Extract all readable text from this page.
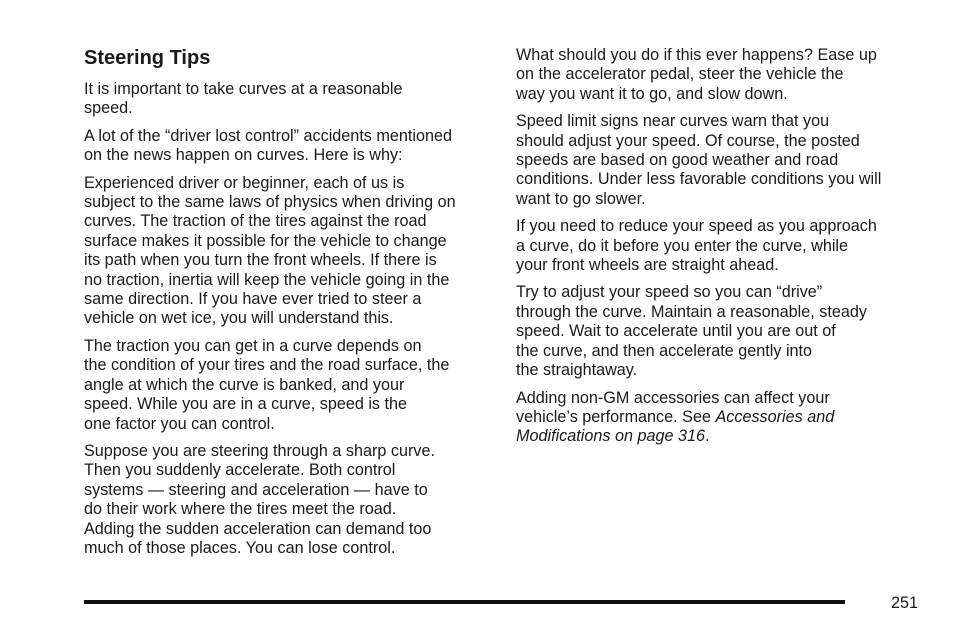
Steering Tips

It is important to take curves at a reasonable
speed.

A lot of the “driver lost control” accidents mentioned
on the news happen on curves. Here is why:

Experienced driver or beginner, each of us is
subject to the same laws of physics when driving on
curves. The traction of the tires against the road
surface makes it possible for the vehicle to change
its path when you turn the front wheels. If there is
no traction, inertia will keep the vehicle going in the
same direction. If you have ever tried to steer a
vehicle on wet ice, you will understand this.

The traction you can get in a curve depends on
the condition of your tires and the road surface, the
angle at which the curve is banked, and your
speed. While you are in a curve, speed is the
one factor you can control.

Suppose you are steering through a sharp curve.
Then you suddenly accelerate. Both control
systems — steering and acceleration — have to
do their work where the tires meet the road.
Adding the sudden acceleration can demand too
much of those places. You can lose control.

What should you do if this ever happens? Ease up
on the accelerator pedal, steer the vehicle the
way you want it to go, and slow down.

Speed limit signs near curves warn that you
should adjust your speed. Of course, the posted
speeds are based on good weather and road
conditions. Under less favorable conditions you will
want to go slower.

If you need to reduce your speed as you approach
a curve, do it before you enter the curve, while
your front wheels are straight ahead.

Try to adjust your speed so you can “drive”
through the curve. Maintain a reasonable, steady
speed. Wait to accelerate until you are out of
the curve, and then accelerate gently into
the straightaway.

Adding non-GM accessories can affect your
vehicle’s performance. See Accessories and
Modifications on page 316.

251
